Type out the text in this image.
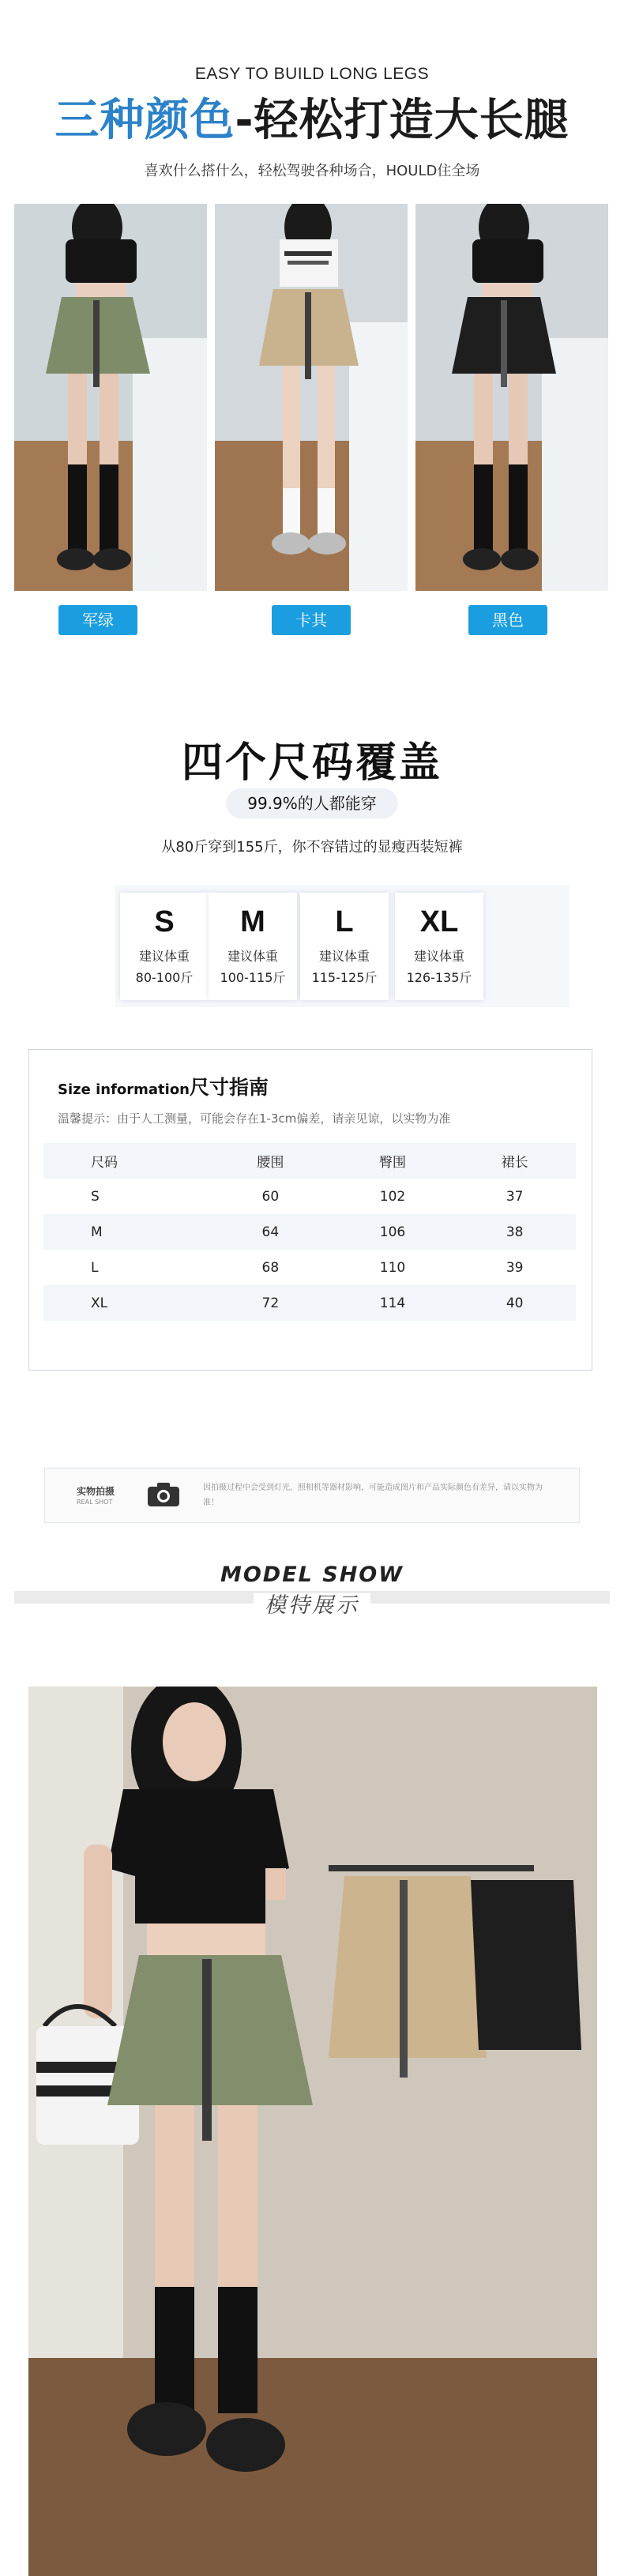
EASY TO BUILD LONG LEGS
三种颜色-轻松打造大长腿
喜欢什么搭什么，轻松驾驶各种场合，HOULD住全场
军绿	卡其	黑色
四个尺码覆盖
99.9%的人都能穿
从80斤穿到155斤，你不容错过的显瘦西装短裤
S
建议体重
80-100斤
M
建议体重
100-115斤
L
建议体重
115-125斤
XL
建议体重
126-135斤
Size information尺寸指南
温馨提示：由于人工测量，可能会存在1-3cm偏差，请亲见谅，以实物为准
尺码	腰围	臀围	裙长
S	60	102	37
M	64	106	38
L	68	110	39
XL	72	114	40
实物拍摄
REAL SHOT
因拍摄过程中会受到灯光，照相机等器材影响，可能造成图片和产品实际颜色有差异，请以实物为准！
MODEL SHOW
模特展示
